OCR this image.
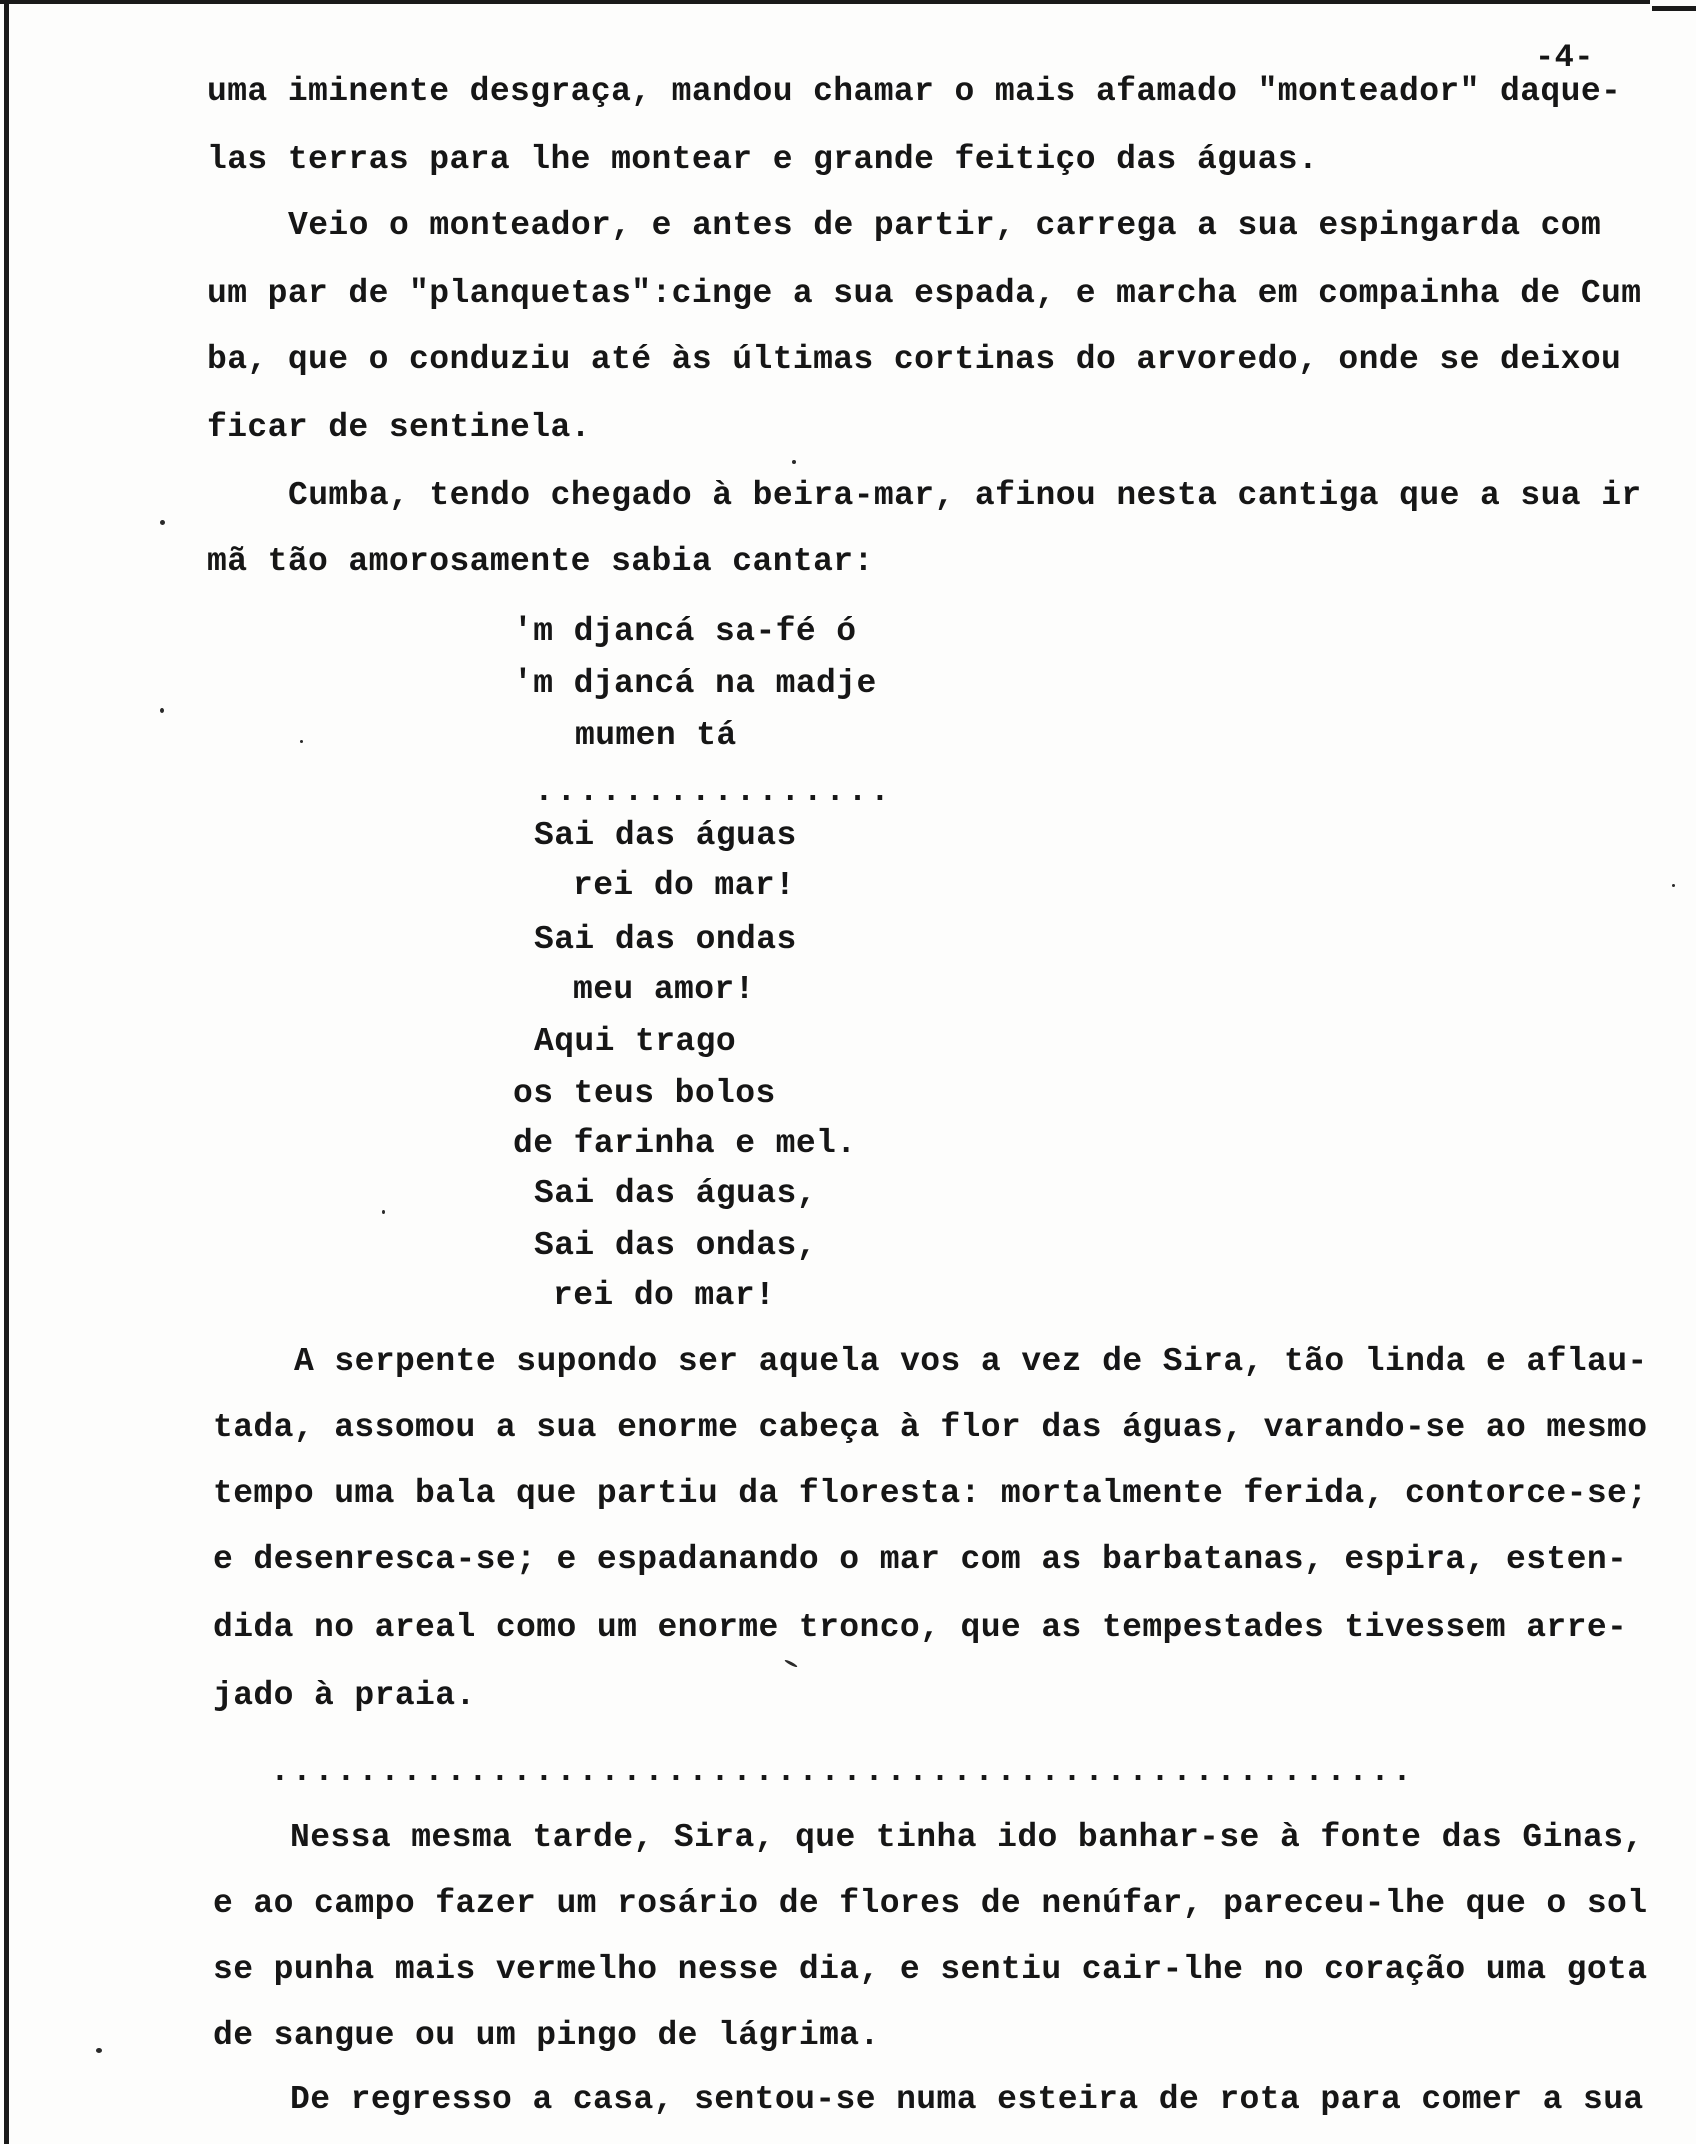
-4-
uma iminente desgraça, mandou chamar o mais afamado "monteador" daque-
las terras para lhe montear e grande feitiço das águas.
Veio o monteador, e antes de partir, carrega a sua espingarda com
um par de "planquetas":cinge a sua espada, e marcha em compainha de Cum
ba, que o conduziu até às últimas cortinas do arvoredo, onde se deixou
ficar de sentinela.
Cumba, tendo chegado à beira-mar, afinou nesta cantiga que a sua ir
mã tão amorosamente sabia cantar:
'm djancá sa-fé ó
'm djancá na madje
mumen tá
................
Sai das águas
rei do mar!
Sai das ondas
meu amor!
Aqui trago
os teus bolos
de farinha e mel.
Sai das águas,
Sai das ondas,
rei do mar!
A serpente supondo ser aquela vos a vez de Sira, tão linda e aflau-
tada, assomou a sua enorme cabeça à flor das águas, varando-se ao mesmo
tempo uma bala que partiu da floresta: mortalmente ferida, contorce-se;
e desenresca-se; e espadanando o mar com as barbatanas, espira, esten-
dida no areal como um enorme tronco, que as tempestades tivessem arre-
jado à praia.
....................................................
Nessa mesma tarde, Sira, que tinha ido banhar-se à fonte das Ginas,
e ao campo fazer um rosário de flores de nenúfar, pareceu-lhe que o sol
se punha mais vermelho nesse dia, e sentiu cair-lhe no coração uma gota
de sangue ou um pingo de lágrima.
De regresso a casa, sentou-se numa esteira de rota para comer a sua
